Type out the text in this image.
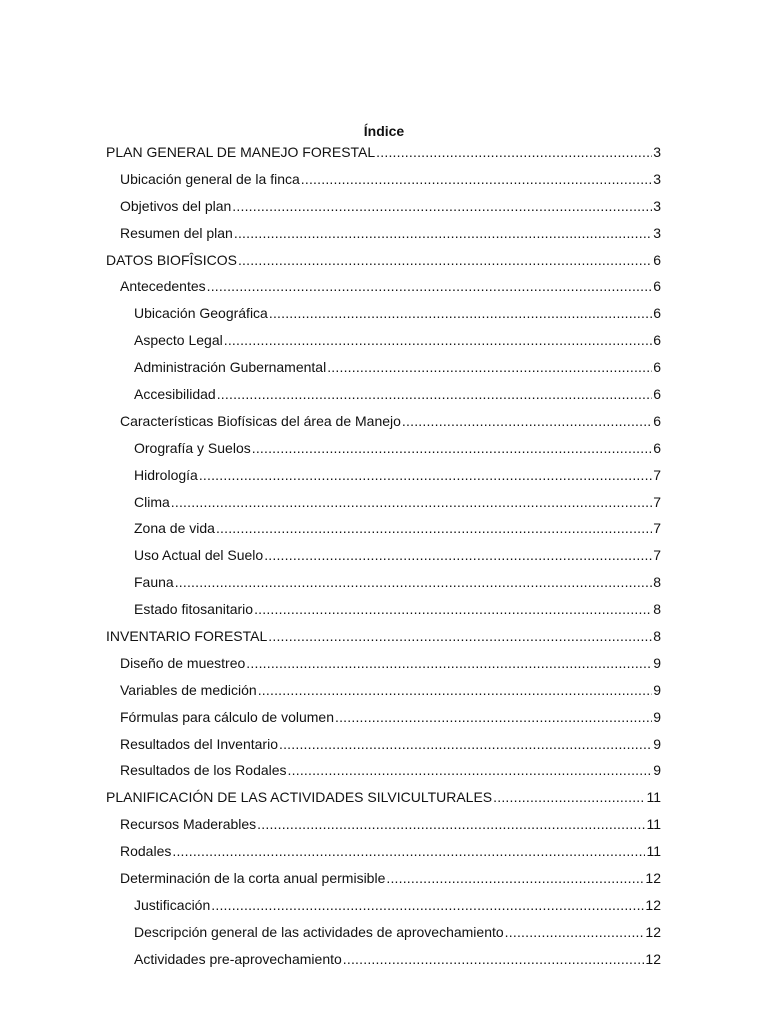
Índice
PLAN GENERAL DE MANEJO FORESTAL .....	3
Ubicación general de la finca .....	3
Objetivos del plan .....	3
Resumen del plan .....	3
DATOS BIOFÎSICOS .....	6
Antecedentes .....	6
Ubicación Geográfica .....	6
Aspecto Legal .....	6
Administración Gubernamental .....	6
Accesibilidad .....	6
Características Biofísicas del área de Manejo .....	6
Orografía y Suelos .....	6
Hidrología .....	7
Clima .....	7
Zona de vida .....	7
Uso Actual del Suelo .....	7
Fauna .....	8
Estado fitosanitario .....	8
INVENTARIO FORESTAL .....	8
Diseño de muestreo .....	9
Variables de medición .....	9
Fórmulas para cálculo de volumen .....	9
Resultados del Inventario .....	9
Resultados de los Rodales .....	9
PLANIFICACIÓN DE LAS ACTIVIDADES SILVICULTURALES .....	11
Recursos Maderables .....	11
Rodales .....	11
Determinación de la corta anual permisible .....	12
Justificación .....	12
Descripción general de las actividades de aprovechamiento .....	12
Actividades pre-aprovechamiento .....	12
